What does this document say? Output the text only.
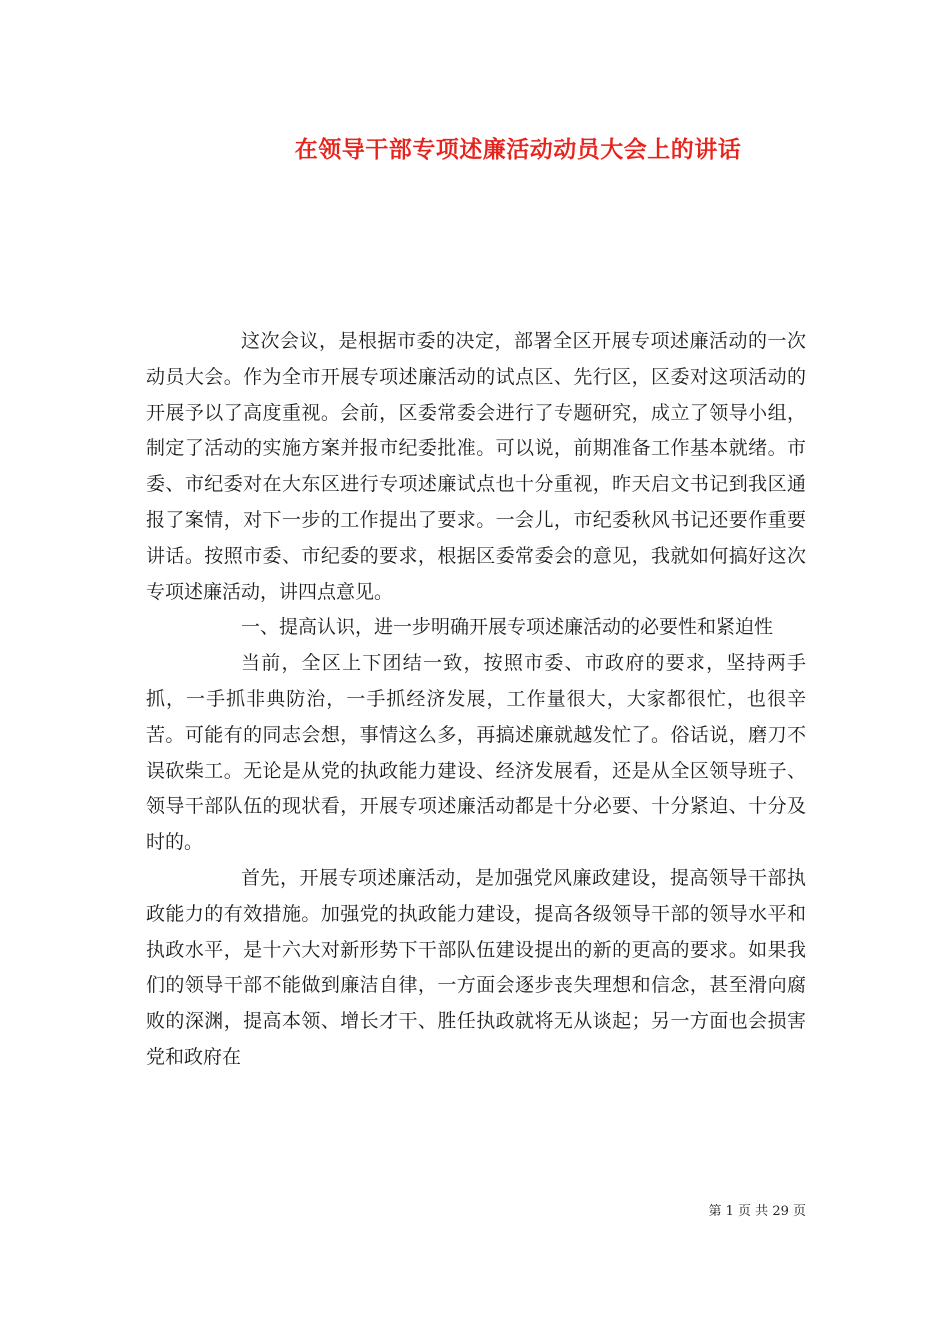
在领导干部专项述廉活动动员大会上的讲话

这次会议，是根据市委的决定，部署全区开展专项述廉活动的一次动员大会。作为全市开展专项述廉活动的试点区、先行区，区委对这项活动的开展予以了高度重视。会前，区委常委会进行了专题研究，成立了领导小组，制定了活动的实施方案并报市纪委批准。可以说，前期准备工作基本就绪。市委、市纪委对在大东区进行专项述廉试点也十分重视，昨天启文书记到我区通报了案情，对下一步的工作提出了要求。一会儿，市纪委秋风书记还要作重要讲话。按照市委、市纪委的要求，根据区委常委会的意见，我就如何搞好这次专项述廉活动，讲四点意见。

一、提高认识，进一步明确开展专项述廉活动的必要性和紧迫性

当前，全区上下团结一致，按照市委、市政府的要求，坚持两手抓，一手抓非典防治，一手抓经济发展，工作量很大，大家都很忙，也很辛苦。可能有的同志会想，事情这么多，再搞述廉就越发忙了。俗话说，磨刀不误砍柴工。无论是从党的执政能力建设、经济发展看，还是从全区领导班子、领导干部队伍的现状看，开展专项述廉活动都是十分必要、十分紧迫、十分及时的。

首先，开展专项述廉活动，是加强党风廉政建设，提高领导干部执政能力的有效措施。加强党的执政能力建设，提高各级领导干部的领导水平和执政水平，是十六大对新形势下干部队伍建设提出的新的更高的要求。如果我们的领导干部不能做到廉洁自律，一方面会逐步丧失理想和信念，甚至滑向腐败的深渊，提高本领、增长才干、胜任执政就将无从谈起；另一方面也会损害党和政府在

第 1 页 共 29 页
